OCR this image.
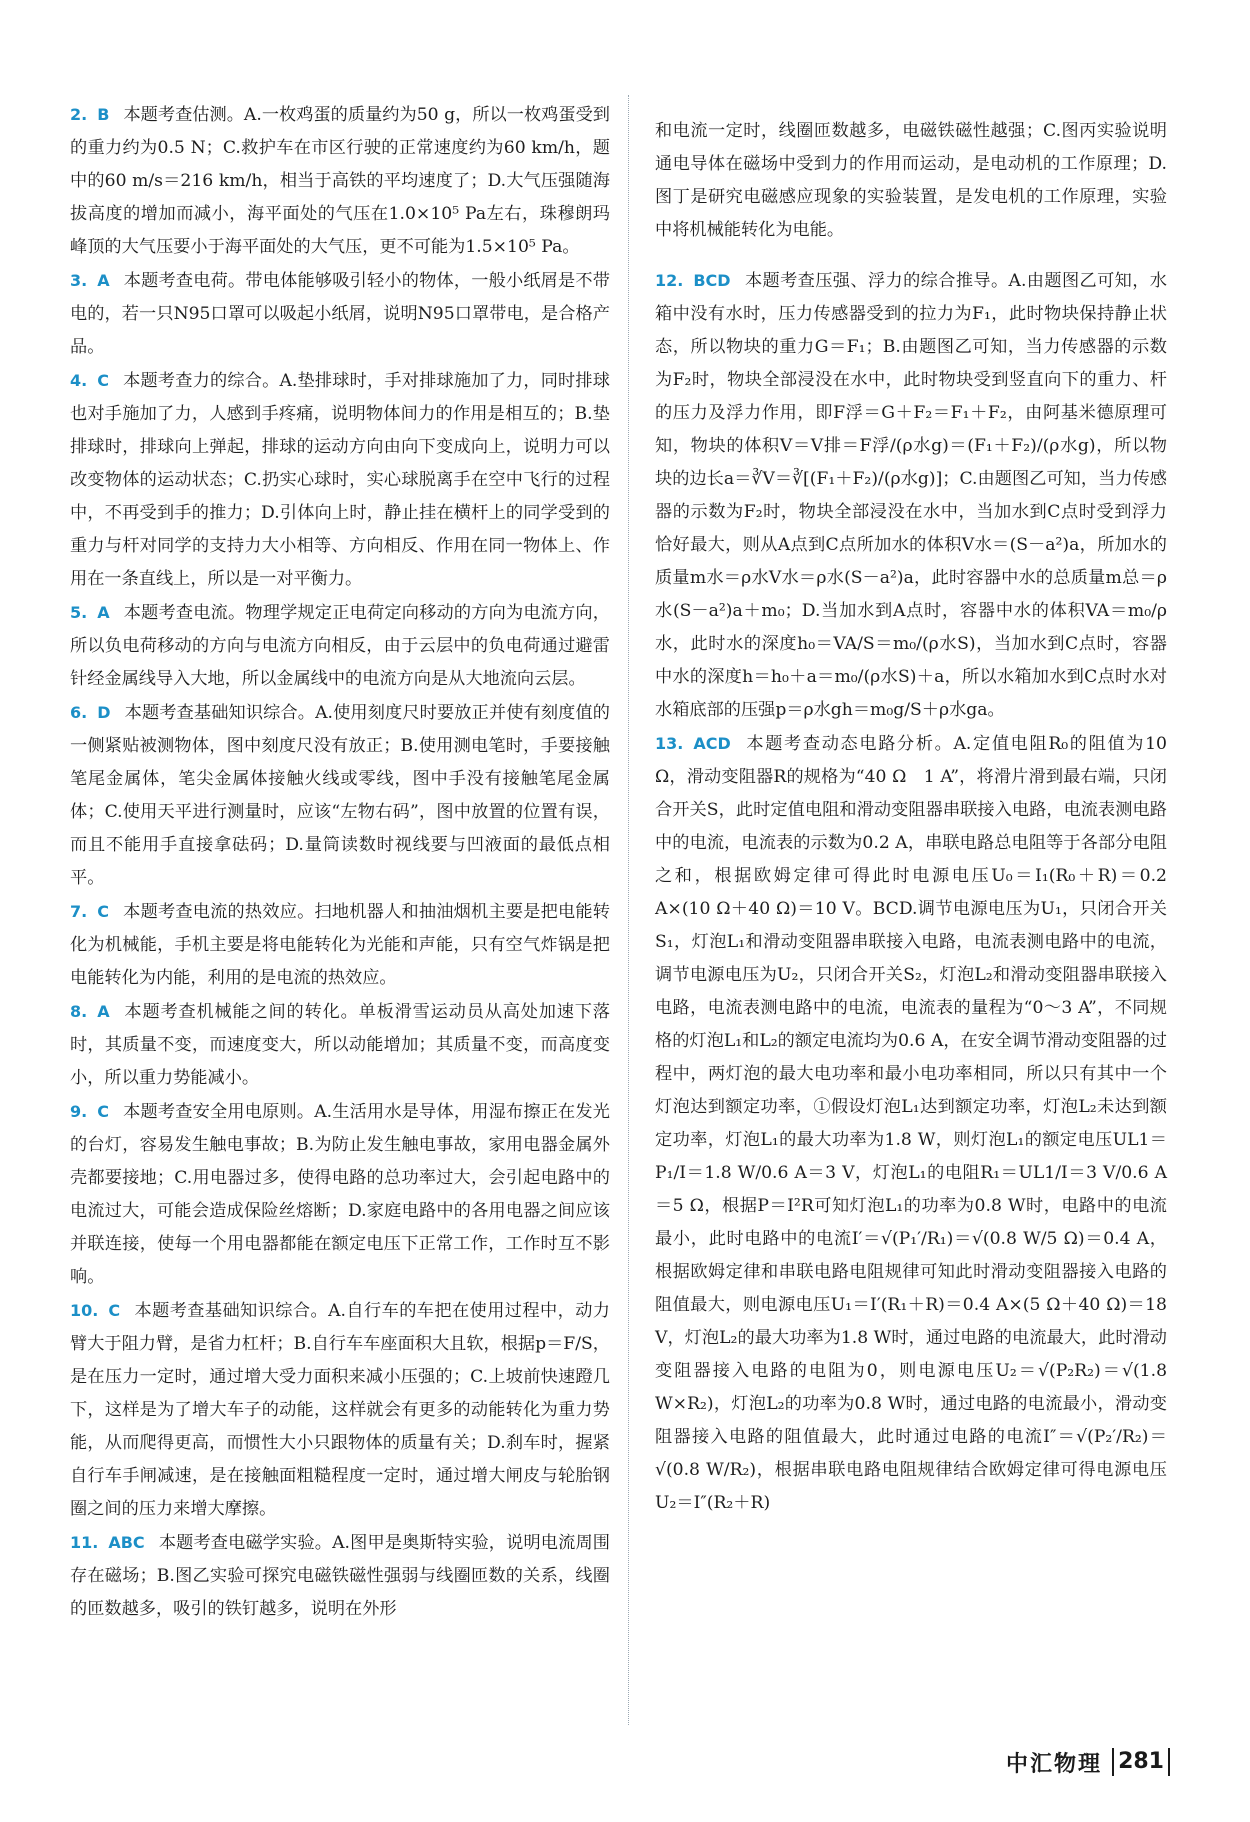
2. B 本题考查估测。A.一枚鸡蛋的质量约为50 g，所以一枚鸡蛋受到的重力约为0.5 N；C.救护车在市区行驶的正常速度约为60 km/h，题中的60 m/s＝216 km/h，相当于高铁的平均速度了；D.大气压强随海拔高度的增加而减小，海平面处的气压在1.0×10⁵ Pa左右，珠穆朗玛峰顶的大气压要小于海平面处的大气压，更不可能为1.5×10⁵ Pa。

3. A 本题考查电荷。带电体能够吸引轻小的物体，一般小纸屑是不带电的，若一只N95口罩可以吸起小纸屑，说明N95口罩带电，是合格产品。

4. C 本题考查力的综合。A.垫排球时，手对排球施加了力，同时排球也对手施加了力，人感到手疼痛，说明物体间力的作用是相互的；B.垫排球时，排球向上弹起，排球的运动方向由向下变成向上，说明力可以改变物体的运动状态；C.扔实心球时，实心球脱离手在空中飞行的过程中，不再受到手的推力；D.引体向上时，静止挂在横杆上的同学受到的重力与杆对同学的支持力大小相等、方向相反、作用在同一物体上、作用在一条直线上，所以是一对平衡力。

5. A 本题考查电流。物理学规定正电荷定向移动的方向为电流方向，所以负电荷移动的方向与电流方向相反，由于云层中的负电荷通过避雷针经金属线导入大地，所以金属线中的电流方向是从大地流向云层。

6. D 本题考查基础知识综合。A.使用刻度尺时要放正并使有刻度值的一侧紧贴被测物体，图中刻度尺没有放正；B.使用测电笔时，手要接触笔尾金属体，笔尖金属体接触火线或零线，图中手没有接触笔尾金属体；C.使用天平进行测量时，应该“左物右码”，图中放置的位置有误，而且不能用手直接拿砝码；D.量筒读数时视线要与凹液面的最低点相平。

7. C 本题考查电流的热效应。扫地机器人和抽油烟机主要是把电能转化为机械能，手机主要是将电能转化为光能和声能，只有空气炸锅是把电能转化为内能，利用的是电流的热效应。

8. A 本题考查机械能之间的转化。单板滑雪运动员从高处加速下落时，其质量不变，而速度变大，所以动能增加；其质量不变，而高度变小，所以重力势能减小。

9. C 本题考查安全用电原则。A.生活用水是导体，用湿布擦正在发光的台灯，容易发生触电事故；B.为防止发生触电事故，家用电器金属外壳都要接地；C.用电器过多，使得电路的总功率过大，会引起电路中的电流过大，可能会造成保险丝熔断；D.家庭电路中的各用电器之间应该并联连接，使每一个用电器都能在额定电压下正常工作，工作时互不影响。

10. C 本题考查基础知识综合。A.自行车的车把在使用过程中，动力臂大于阻力臂，是省力杠杆；B.自行车车座面积大且软，根据p＝F/S，是在压力一定时，通过增大受力面积来减小压强的；C.上坡前快速蹬几下，这样是为了增大车子的动能，这样就会有更多的动能转化为重力势能，从而爬得更高，而惯性大小只跟物体的质量有关；D.刹车时，握紧自行车手闸减速，是在接触面粗糙程度一定时，通过增大闸皮与轮胎钢圈之间的压力来增大摩擦。

11. ABC 本题考查电磁学实验。A.图甲是奥斯特实验，说明电流周围存在磁场；B.图乙实验可探究电磁铁磁性强弱与线圈匝数的关系，线圈的匝数越多，吸引的铁钉越多，说明在外形

和电流一定时，线圈匝数越多，电磁铁磁性越强；C.图丙实验说明通电导体在磁场中受到力的作用而运动，是电动机的工作原理；D.图丁是研究电磁感应现象的实验装置，是发电机的工作原理，实验中将机械能转化为电能。

12. BCD 本题考查压强、浮力的综合推导。A.由题图乙可知，水箱中没有水时，压力传感器受到的拉力为F₁，此时物块保持静止状态，所以物块的重力G＝F₁；B.由题图乙可知，当力传感器的示数为F₂时，物块全部浸没在水中，此时物块受到竖直向下的重力、杆的压力及浮力作用，即F浮＝G＋F₂＝F₁＋F₂，由阿基米德原理可知，物块的体积V＝V排＝F浮/(ρ水g)＝(F₁＋F₂)/(ρ水g)，所以物块的边长a＝∛V＝∛[(F₁＋F₂)/(ρ水g)]；C.由题图乙可知，当力传感器的示数为F₂时，物块全部浸没在水中，当加水到C点时受到浮力恰好最大，则从A点到C点所加水的体积V水＝(S－a²)a，所加水的质量m水＝ρ水V水＝ρ水(S－a²)a，此时容器中水的总质量m总＝ρ水(S－a²)a＋m₀；D.当加水到A点时，容器中水的体积VA＝m₀/ρ水，此时水的深度h₀＝VA/S＝m₀/(ρ水S)，当加水到C点时，容器中水的深度h＝h₀＋a＝m₀/(ρ水S)＋a，所以水箱加水到C点时水对水箱底部的压强p＝ρ水gh＝m₀g/S＋ρ水ga。

13. ACD 本题考查动态电路分析。A.定值电阻R₀的阻值为10 Ω，滑动变阻器R的规格为“40 Ω　1 A”，将滑片滑到最右端，只闭合开关S，此时定值电阻和滑动变阻器串联接入电路，电流表测电路中的电流，电流表的示数为0.2 A，串联电路总电阻等于各部分电阻之和，根据欧姆定律可得此时电源电压U₀＝I₁(R₀＋R)＝0.2 A×(10 Ω＋40 Ω)＝10 V。BCD.调节电源电压为U₁，只闭合开关S₁，灯泡L₁和滑动变阻器串联接入电路，电流表测电路中的电流，调节电源电压为U₂，只闭合开关S₂，灯泡L₂和滑动变阻器串联接入电路，电流表测电路中的电流，电流表的量程为“0～3 A”，不同规格的灯泡L₁和L₂的额定电流均为0.6 A，在安全调节滑动变阻器的过程中，两灯泡的最大电功率和最小电功率相同，所以只有其中一个灯泡达到额定功率，①假设灯泡L₁达到额定功率，灯泡L₂未达到额定功率，灯泡L₁的最大功率为1.8 W，则灯泡L₁的额定电压UL1＝P₁/I＝1.8 W/0.6 A＝3 V，灯泡L₁的电阻R₁＝UL1/I＝3 V/0.6 A＝5 Ω，根据P＝I²R可知灯泡L₁的功率为0.8 W时，电路中的电流最小，此时电路中的电流I′＝√(P₁′/R₁)＝√(0.8 W/5 Ω)＝0.4 A，根据欧姆定律和串联电路电阻规律可知此时滑动变阻器接入电路的阻值最大，则电源电压U₁＝I′(R₁＋R)＝0.4 A×(5 Ω＋40 Ω)＝18 V，灯泡L₂的最大功率为1.8 W时，通过电路的电流最大，此时滑动变阻器接入电路的电阻为0，则电源电压U₂＝√(P₂R₂)＝√(1.8 W×R₂)，灯泡L₂的功率为0.8 W时，通过电路的电流最小，滑动变阻器接入电路的阻值最大，此时通过电路的电流I″＝√(P₂′/R₂)＝√(0.8 W/R₂)，根据串联电路电阻规律结合欧姆定律可得电源电压U₂＝I″(R₂＋R)

中汇物理 281
